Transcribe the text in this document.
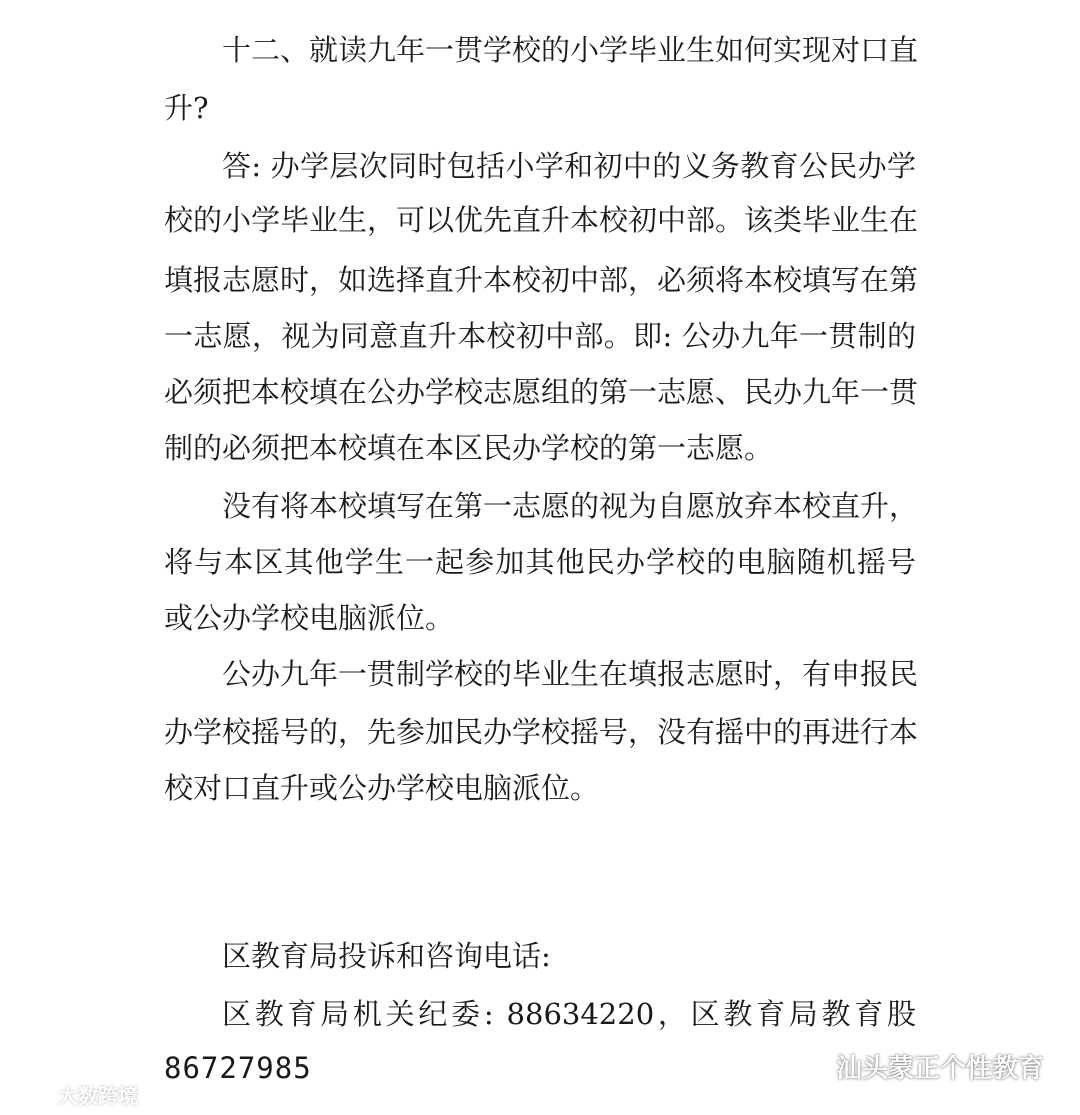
十二、就读九年一贯学校的小学毕业生如何实现对口直
升?
答: 办学层次同时包括小学和初中的义务教育公民办学
校的小学毕业生，可以优先直升本校初中部。该类毕业生在
填报志愿时，如选择直升本校初中部，必须将本校填写在第
一志愿，视为同意直升本校初中部。即: 公办九年一贯制的
必须把本校填在公办学校志愿组的第一志愿、民办九年一贯
制的必须把本校填在本区民办学校的第一志愿。
没有将本校填写在第一志愿的视为自愿放弃本校直升，
将与本区其他学生一起参加其他民办学校的电脑随机摇号
或公办学校电脑派位。
公办九年一贯制学校的毕业生在填报志愿时，有申报民
办学校摇号的，先参加民办学校摇号，没有摇中的再进行本
校对口直升或公办学校电脑派位。
区教育局投诉和咨询电话:
区教育局机关纪委: 88634220，区教育局教育股
86727985
大数跨境
汕头蒙正个性教育
